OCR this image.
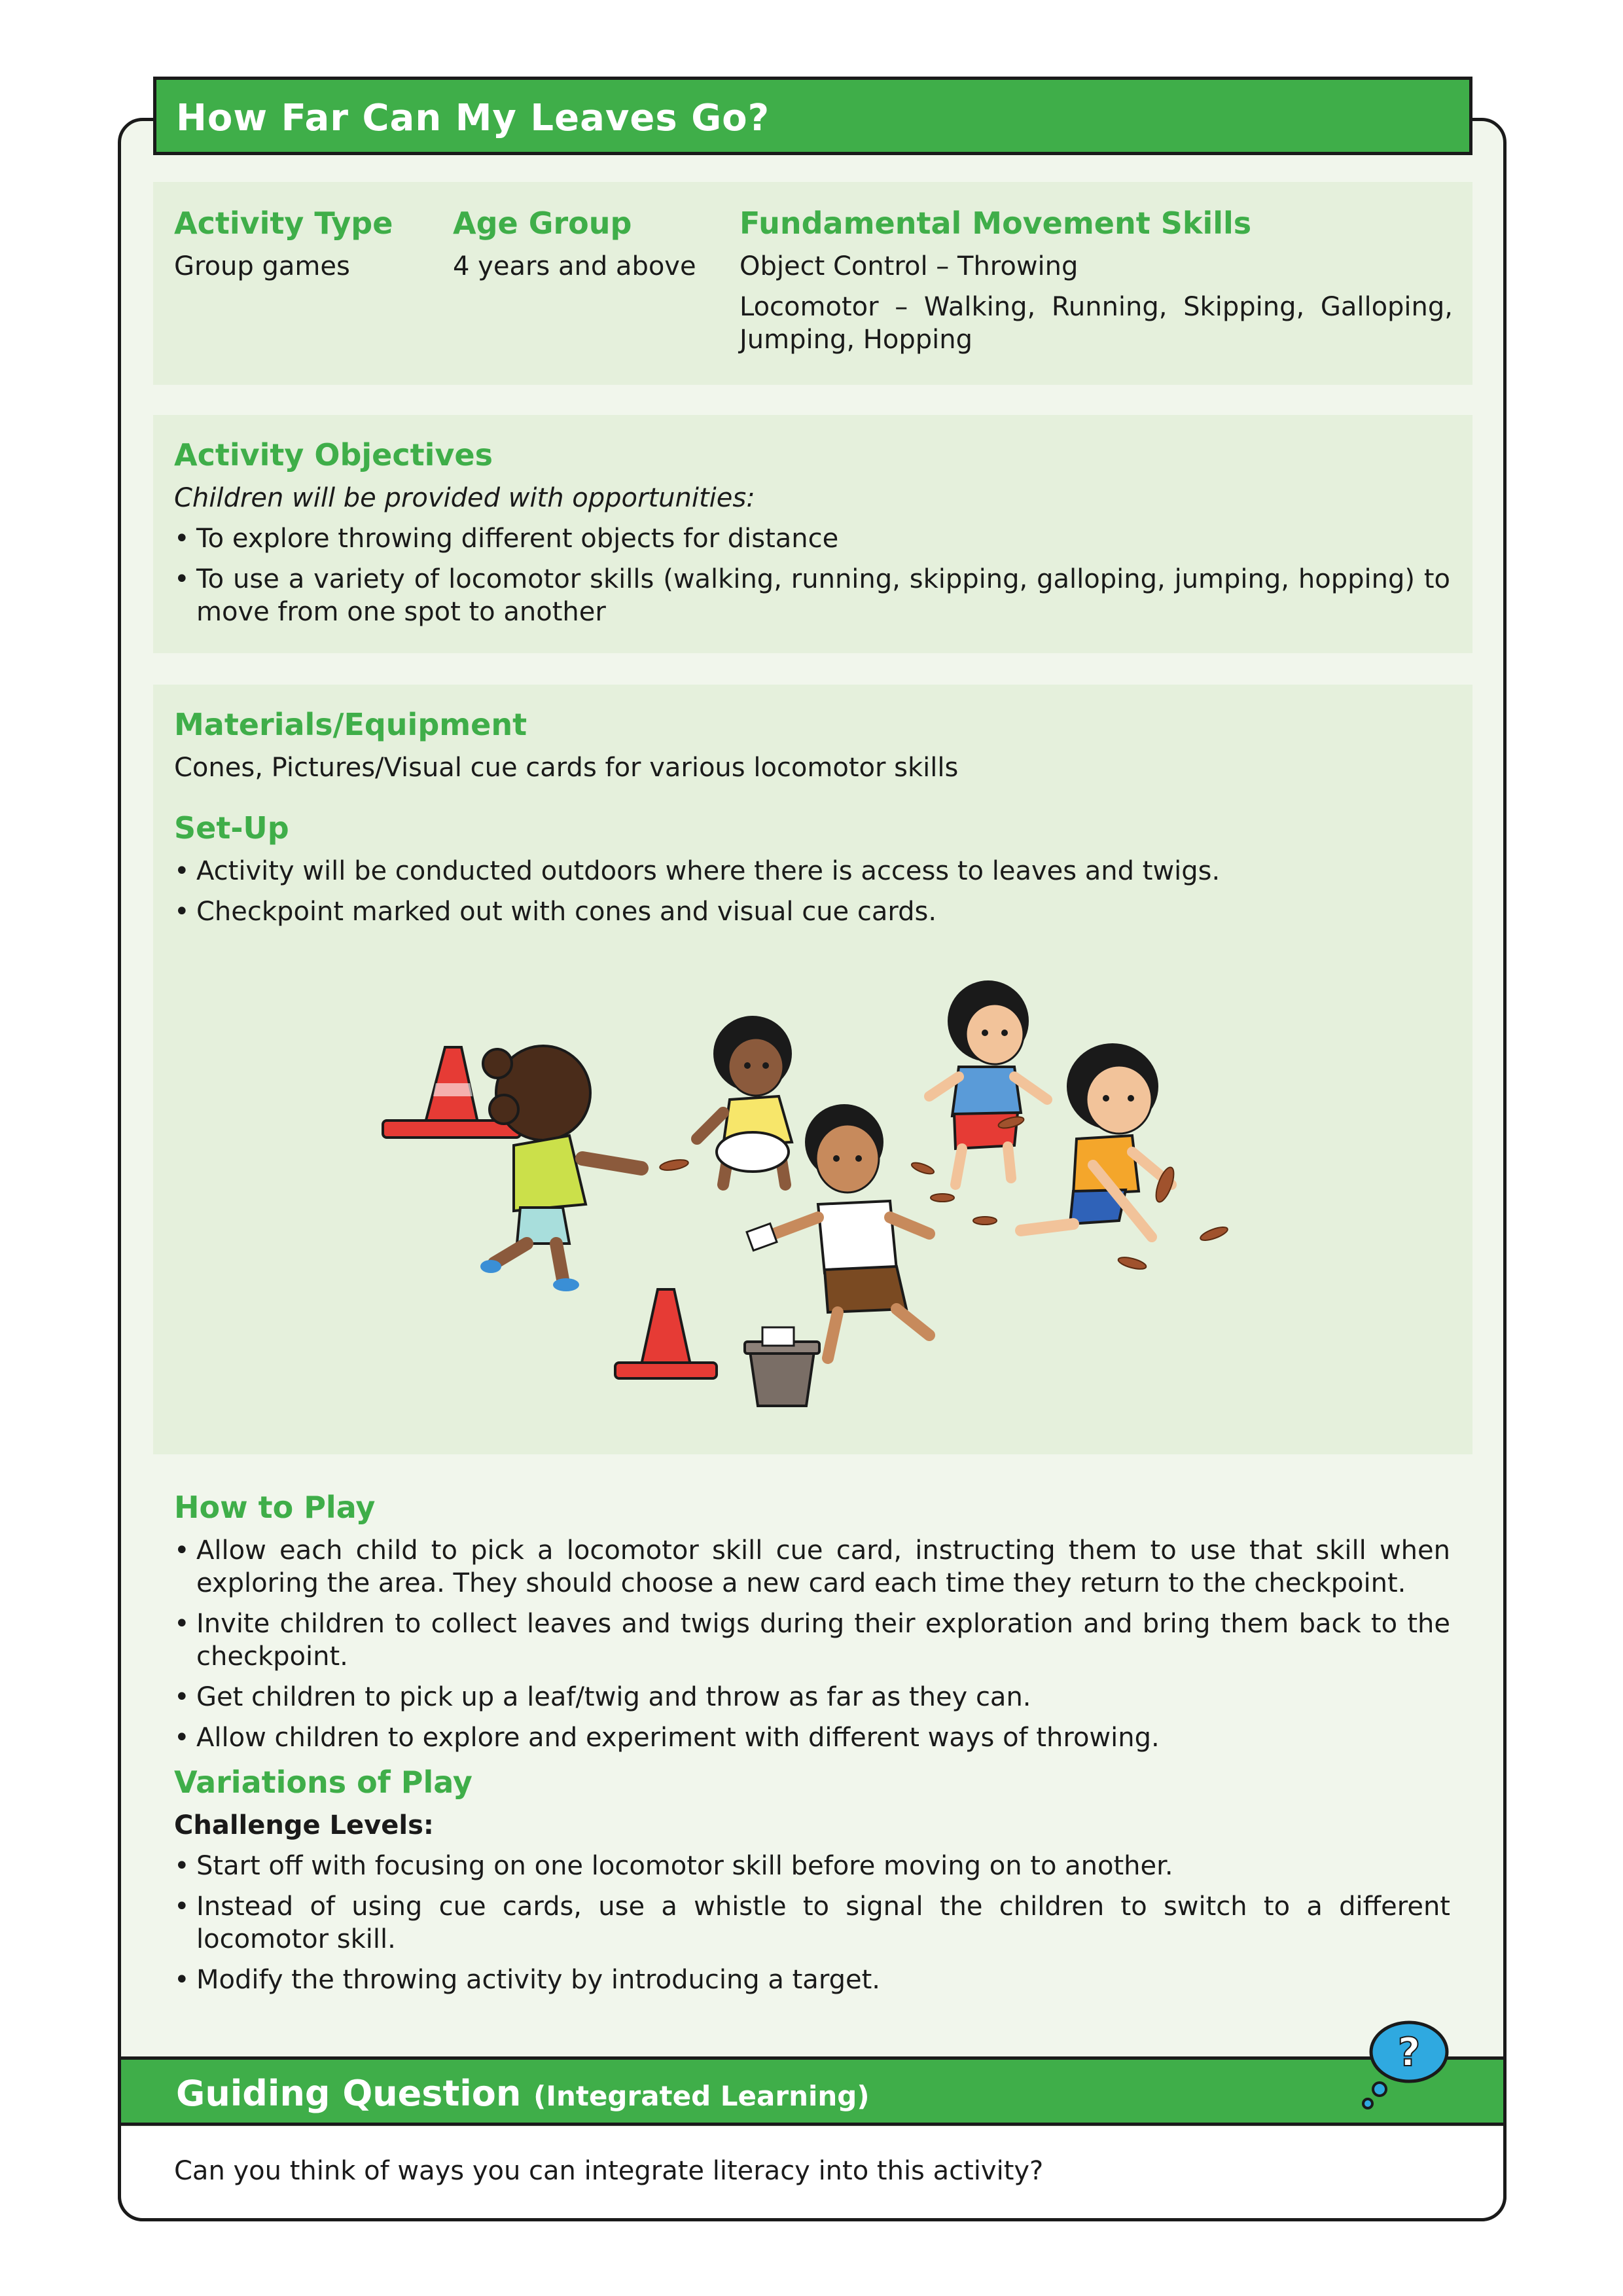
How Far Can My Leaves Go?
Activity Type
Group games
Age Group
4 years and above
Fundamental Movement Skills
Object Control – Throwing
Locomotor – Walking, Running, Skipping, Galloping, Jumping, Hopping
Activity Objectives
Children will be provided with opportunities:
• To explore throwing different objects for distance
• To use a variety of locomotor skills (walking, running, skipping, galloping, jumping, hopping) to move from one spot to another
Materials/Equipment
Cones, Pictures/Visual cue cards for various locomotor skills
Set-Up
• Activity will be conducted outdoors where there is access to leaves and twigs.
• Checkpoint marked out with cones and visual cue cards.
How to Play
• Allow each child to pick a locomotor skill cue card, instructing them to use that skill when exploring the area. They should choose a new card each time they return to the checkpoint.
• Invite children to collect leaves and twigs during their exploration and bring them back to the checkpoint.
• Get children to pick up a leaf/twig and throw as far as they can.
• Allow children to explore and experiment with different ways of throwing.
Variations of Play
Challenge Levels:
• Start off with focusing on one locomotor skill before moving on to another.
• Instead of using cue cards, use a whistle to signal the children to switch to a different locomotor skill.
• Modify the throwing activity by introducing a target.
Guiding Question (Integrated Learning)
?
Can you think of ways you can integrate literacy into this activity?
